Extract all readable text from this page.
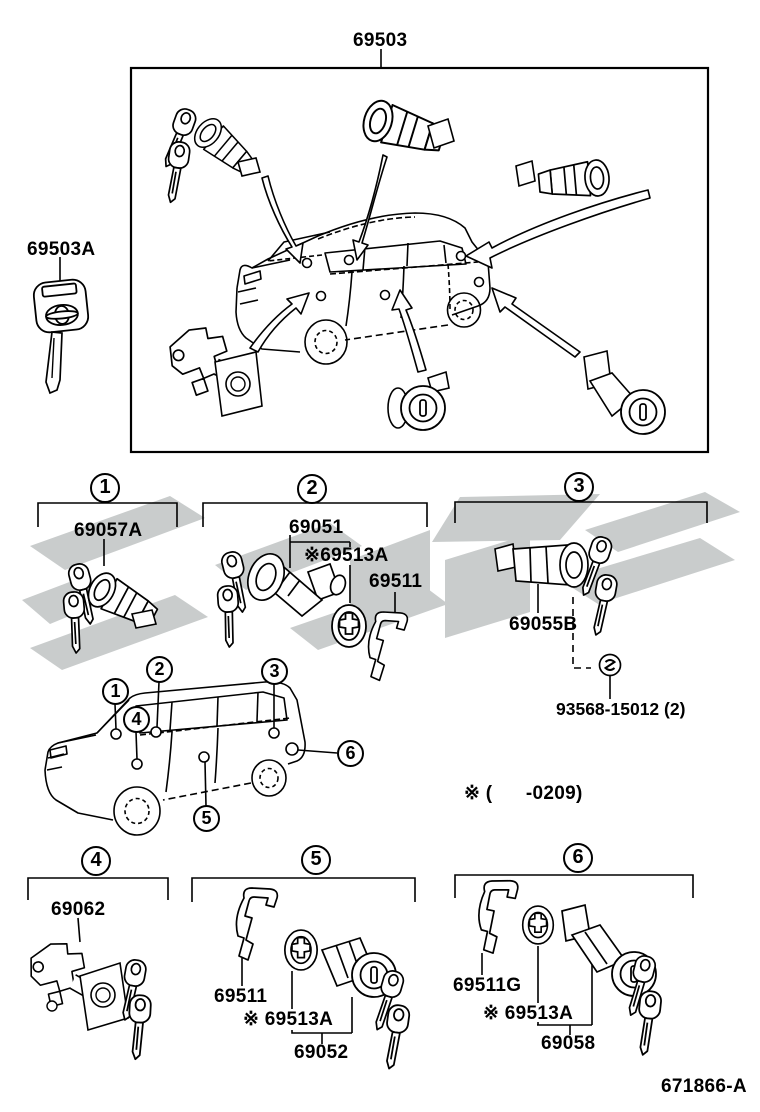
69503
69503A
1	2	3
4	5	6
69057A	69051
※69513A
69511
69055B
93568-15012 (2)
69062
69511
※ 69513A
69052
69511G
※ 69513A
69058
※ (      -0209)
671866-A
1
2	3
4
5
6
